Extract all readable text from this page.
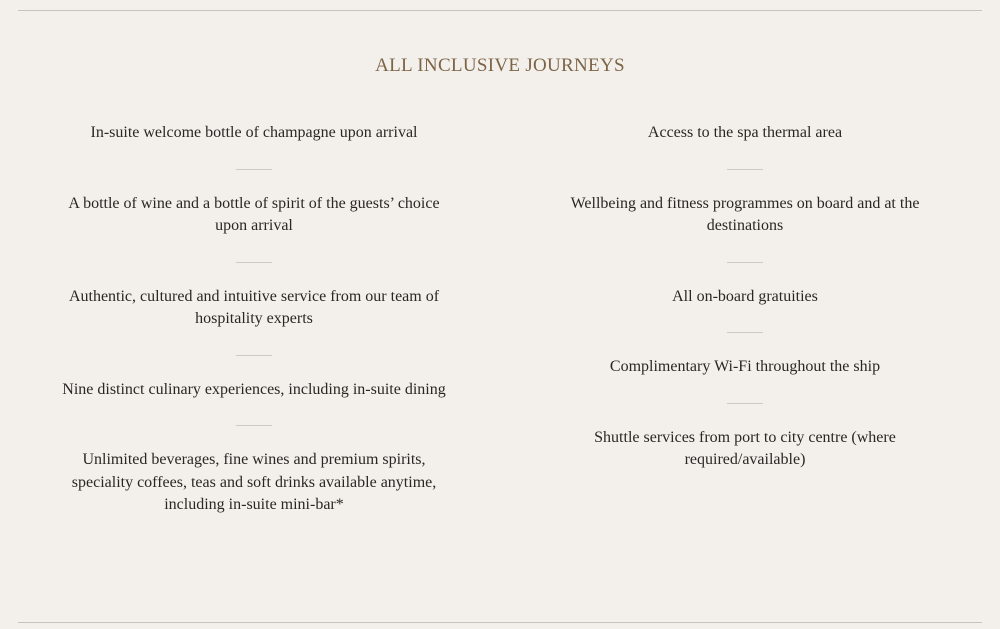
ALL INCLUSIVE JOURNEYS

In-suite welcome bottle of champagne upon arrival

A bottle of wine and a bottle of spirit of the guests’ choice upon arrival

Authentic, cultured and intuitive service from our team of hospitality experts

Nine distinct culinary experiences, including in-suite dining

Unlimited beverages, fine wines and premium spirits, speciality coffees, teas and soft drinks available anytime, including in-suite mini-bar*

Access to the spa thermal area

Wellbeing and fitness programmes on board and at the destinations

All on-board gratuities

Complimentary Wi-Fi throughout the ship

Shuttle services from port to city centre (where required/available)
